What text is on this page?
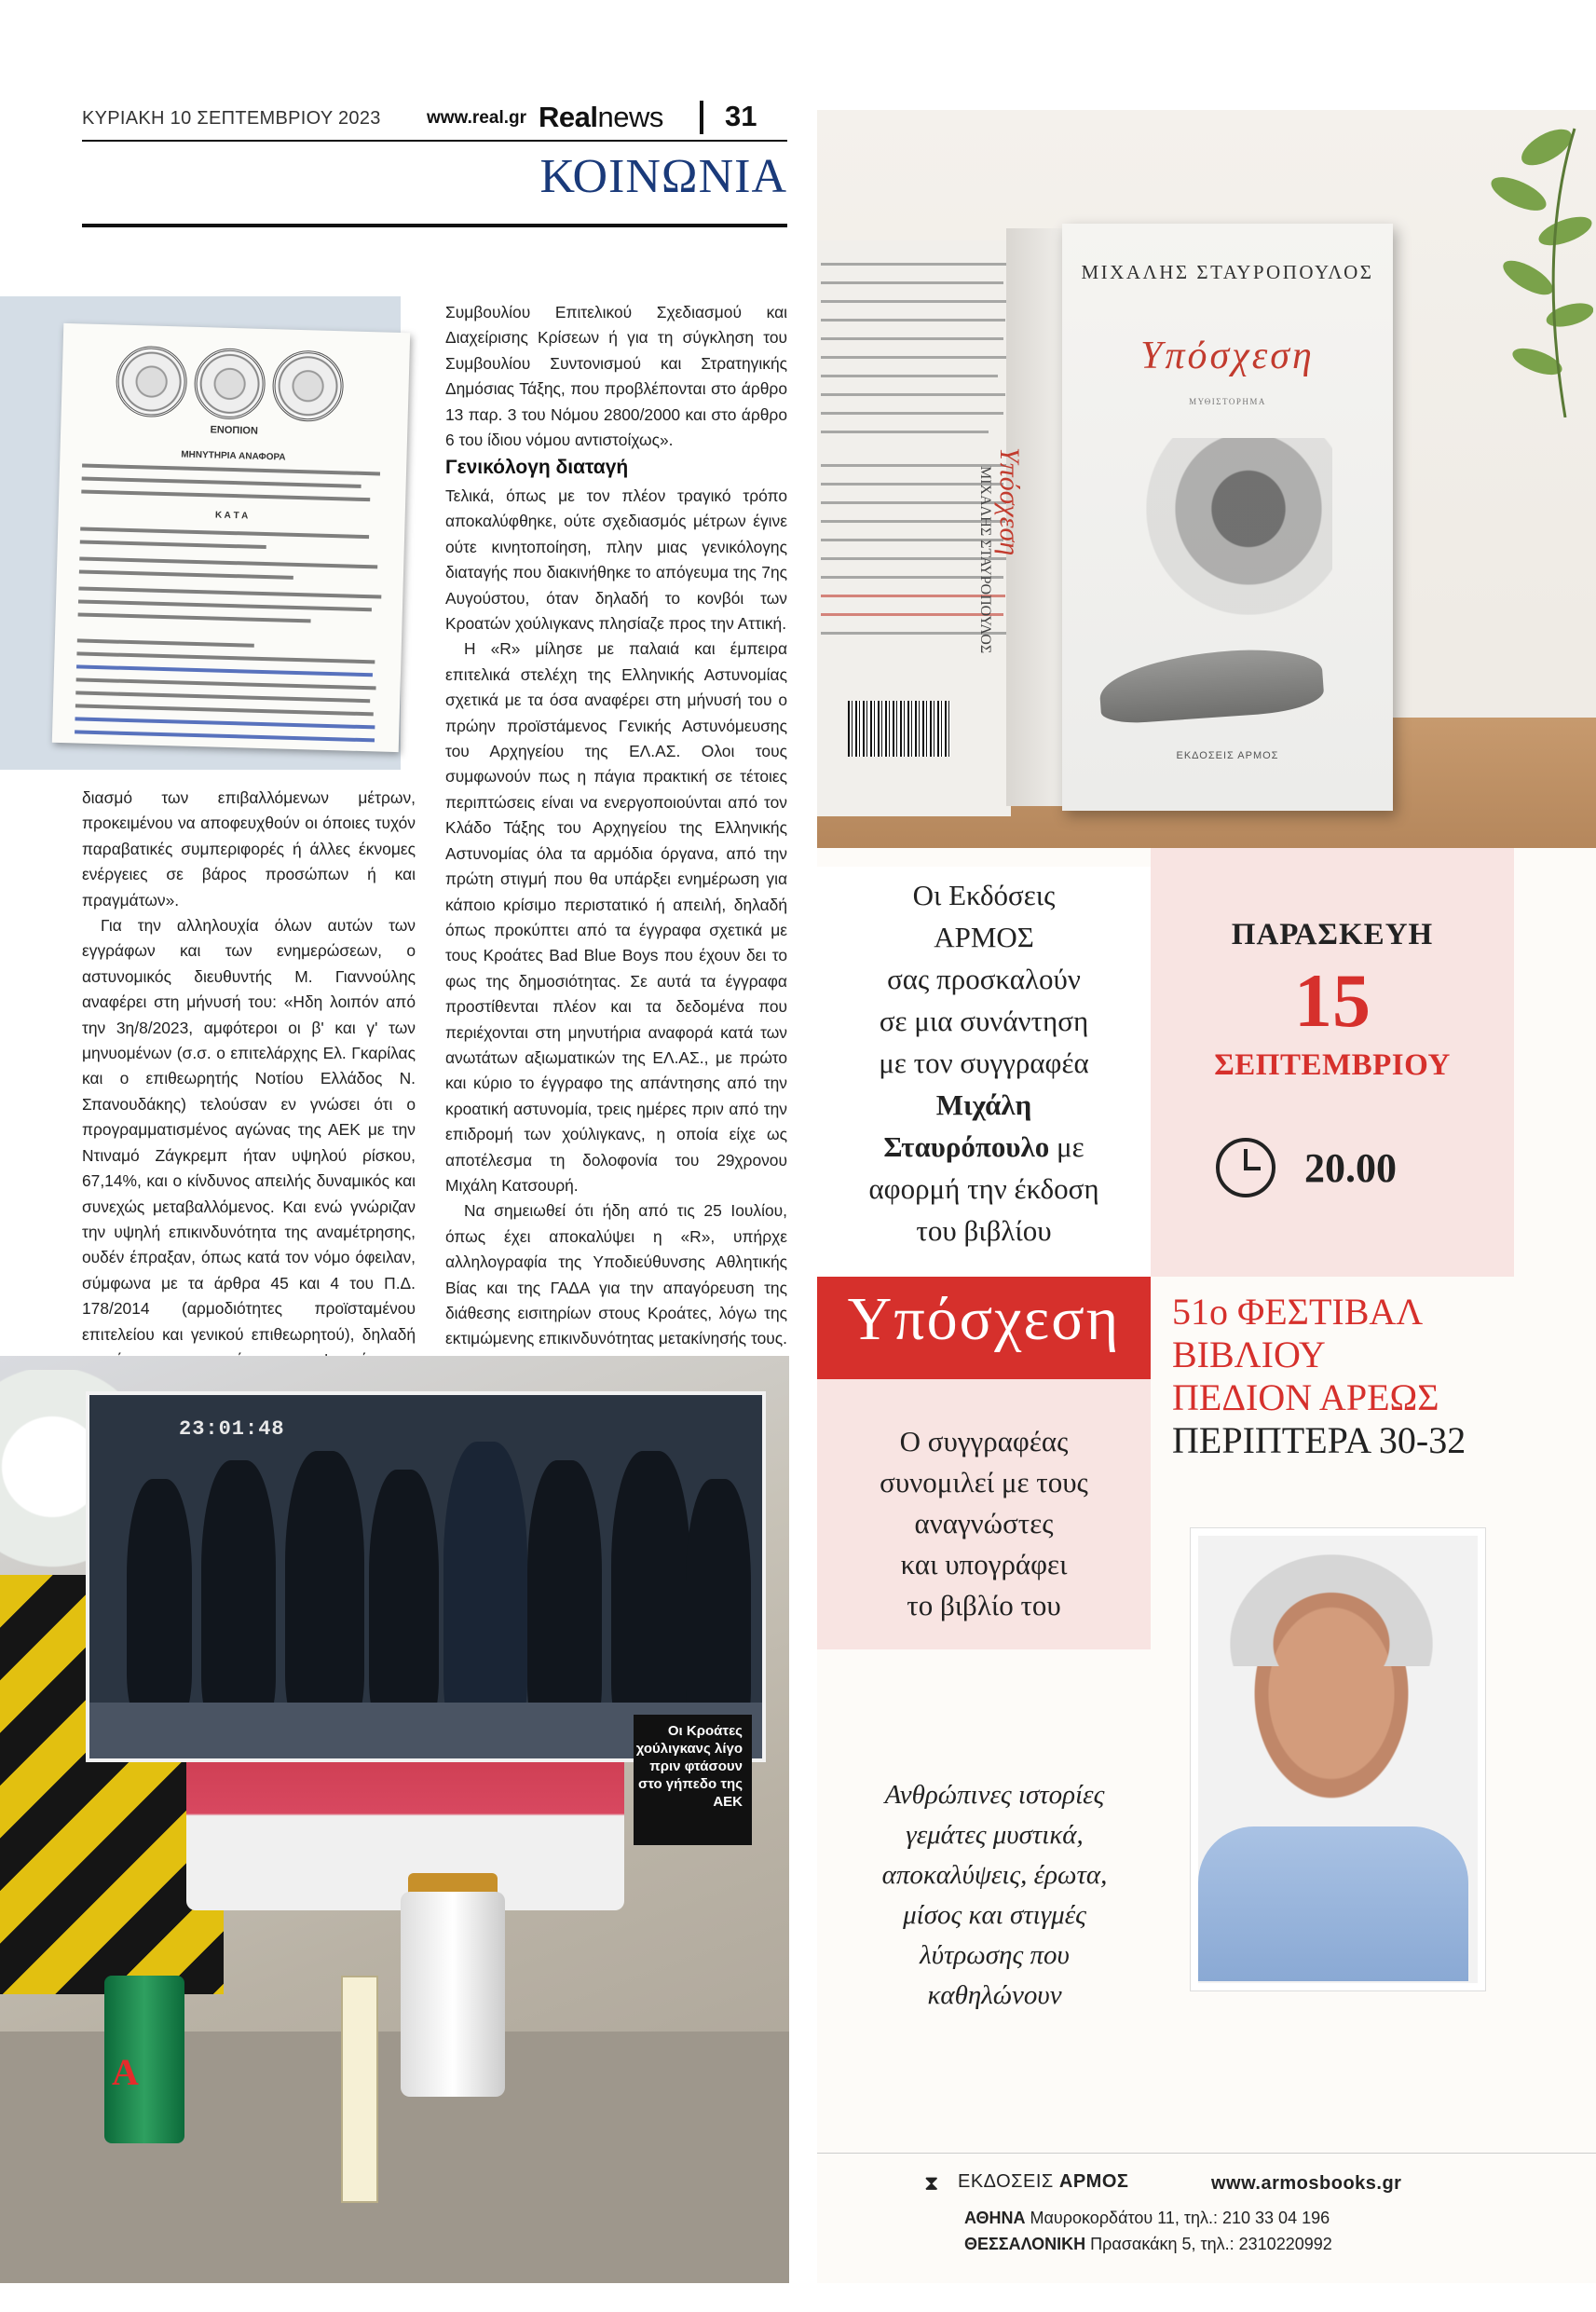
ΚΥΡΙΑΚΗ 10 ΣΕΠΤΕΜΒΡΙΟΥ 2023	www.real.gr Realnews 31
ΚΟΙΝΩΝΙΑ
ΕΝΟΠΙΟΝ
ΜΗΝΥΤΗΡΙΑ ΑΝΑΦΟΡΑ
Κ Α Τ Α

διασμό των επιβαλλόμενων μέτρων, προκειμένου να αποφευχθούν οι όποιες τυχόν παραβατικές συμπεριφορές ή άλλες έκνομες ενέργειες σε βάρος προσώπων ή και πραγμάτων».

Για την αλληλουχία όλων αυτών των εγγράφων και των ενημερώσεων, ο αστυνομικός διευθυντής Μ. Γιαννούλης αναφέρει στη μήνυσή του: «Ηδη λοιπόν από την 3η/8/2023, αμφότεροι οι β' και γ' των μηνυομένων (σ.σ. ο επιτελάρχης Ελ. Γκαρίλας και ο επιθεωρητής Νοτίου Ελλάδος Ν. Σπανουδάκης) τελούσαν εν γνώσει ότι ο προγραμματισμένος αγώνας της ΑΕΚ με την Ντιναμό Ζάγκρεμπ ήταν υψηλού ρίσκου, 67,14%, και ο κίνδυνος απειλής δυναμικός και συνεχώς μεταβαλλόμενος. Και ενώ γνώριζαν την υψηλή επικινδυνότητα της αναμέτρησης, ουδέν έπραξαν, όπως κατά τον νόμο όφειλαν, σύμφωνα με τα άρθρα 45 και 4 του Π.Δ. 178/2014 (αρμοδιότητες προϊσταμένου επιτελείου και γενικού επιθεωρητού), δηλαδή

Συμβουλίου Επιτελικού Σχεδιασμού και Διαχείρισης Κρίσεων ή για τη σύγκληση του Συμβουλίου Συντονισμού και Στρατηγικής Δημόσιας Τάξης, που προβλέπονται στο άρθρο 13 παρ. 3 του Νόμου 2800/2000 και στο άρθρο 6 του ίδιου νόμου αντιστοίχως».

Γενικόλογη διαταγή

Τελικά, όπως με τον πλέον τραγικό τρόπο αποκαλύφθηκε, ούτε σχεδιασμός μέτρων έγινε ούτε κινητοποίηση, πλην μιας γενικόλογης διαταγής που διακινήθηκε το απόγευμα της 7ης Αυγούστου, όταν δηλαδή το κονβόι των Κροατών χούλιγκανς πλησίαζε προς την Αττική.

Η «R» μίλησε με παλαιά και έμπειρα επιτελικά στελέχη της Ελληνικής Αστυνομίας σχετικά με τα όσα αναφέρει στη μήνυσή του ο πρώην προϊστάμενος Γενικής Αστυνόμευσης του Αρχηγείου της ΕΛ.ΑΣ. Ολοι τους συμφωνούν πως η πάγια πρακτική σε τέτοιες περιπτώσεις είναι να ενεργοποιούνται από τον Κλάδο Τάξης του Αρχηγείου της Ελληνικής Αστυνομίας όλα τα αρμόδια όργανα, από την πρώτη στιγμή που θα υπάρξει ενημέρωση για κάποιο κρίσιμο περιστατικό ή απειλή, δηλαδή όπως προκύπτει από τα έγγραφα σχετικά με τους Κροάτες Bad Blue Boys που έχουν δει το φως της δημοσιότητας. Σε αυτά τα έγγραφα προστίθενται πλέον και τα δεδομένα που περιέχονται στη μηνυτήρια αναφορά κατά των ανωτάτων αξιωματικών της ΕΛ.ΑΣ., με πρώτο και κύριο το έγγραφο της απάντησης από την κροατική αστυνομία, τρεις ημέρες πριν από την επιδρομή των χούλιγκανς, η οποία είχε ως αποτέλεσμα τη δολοφονία του 29χρονου Μιχάλη Κατσουρή.

Να σημειωθεί ότι ήδη από τις 25 Ιουλίου, όπως έχει αποκαλύψει η «R», υπήρχε αλληλογραφία της Υποδιεύθυνσης Αθλητικής Βίας και της ΓΑΔΑ για την απαγόρευση της διάθεσης εισιτηρίων στους Κροάτες, λόγω της εκτιμώμενης επικινδυνότητας μετακίνησής τους.

Α
23:01:48
Οι Κροάτες χούλιγκανς λίγο πριν φτάσουν στο γήπεδο της ΑΕΚ
ΜΙΧΑΛΗΣ ΣΤΑΥΡΟΠΟΥΛΟΣ Υπόσχεση
ΜΙΧΑΛΗΣ ΣΤΑΥΡΟΠΟΥΛΟΣ
Υπόσχεση
ΜΥΘΙΣΤΟΡΗΜΑ
ΕΚΔΟΣΕΙΣ ΑΡΜΟΣ
Οι Εκδόσεις
ΑΡΜΟΣ
σας προσκαλούν
σε μια συνάντηση
με τον συγγραφέα
Μιχάλη
Σταυρόπουλο με
αφορμή την έκδοση
του βιβλίου
ΠΑΡΑΣΚΕΥΗ
15
ΣΕΠΤΕΜΒΡΙΟΥ
20.00
Υπόσχεση
Ο συγγραφέας
συνομιλεί με τους
αναγνώστες
και υπογράφει
το βιβλίο του
51ο ΦΕΣΤΙΒΑΛ
ΒΙΒΛΙΟΥ
ΠΕΔΙΟΝ ΑΡΕΩΣ
ΠΕΡΙΠΤΕΡΑ 30-32
Ανθρώπινες ιστορίες
γεμάτες μυστικά,
αποκαλύψεις, έρωτα,
μίσος και στιγμές
λύτρωσης που
καθηλώνουν
⧗ ΕΚΔΟΣΕΙΣ ΑΡΜΟΣ	www.armosbooks.gr
ΑΘΗΝΑ Μαυροκορδάτου 11, τηλ.: 210 33 04 196
ΘΕΣΣΑΛΟΝΙΚΗ Πρασακάκη 5, τηλ.: 2310220992
